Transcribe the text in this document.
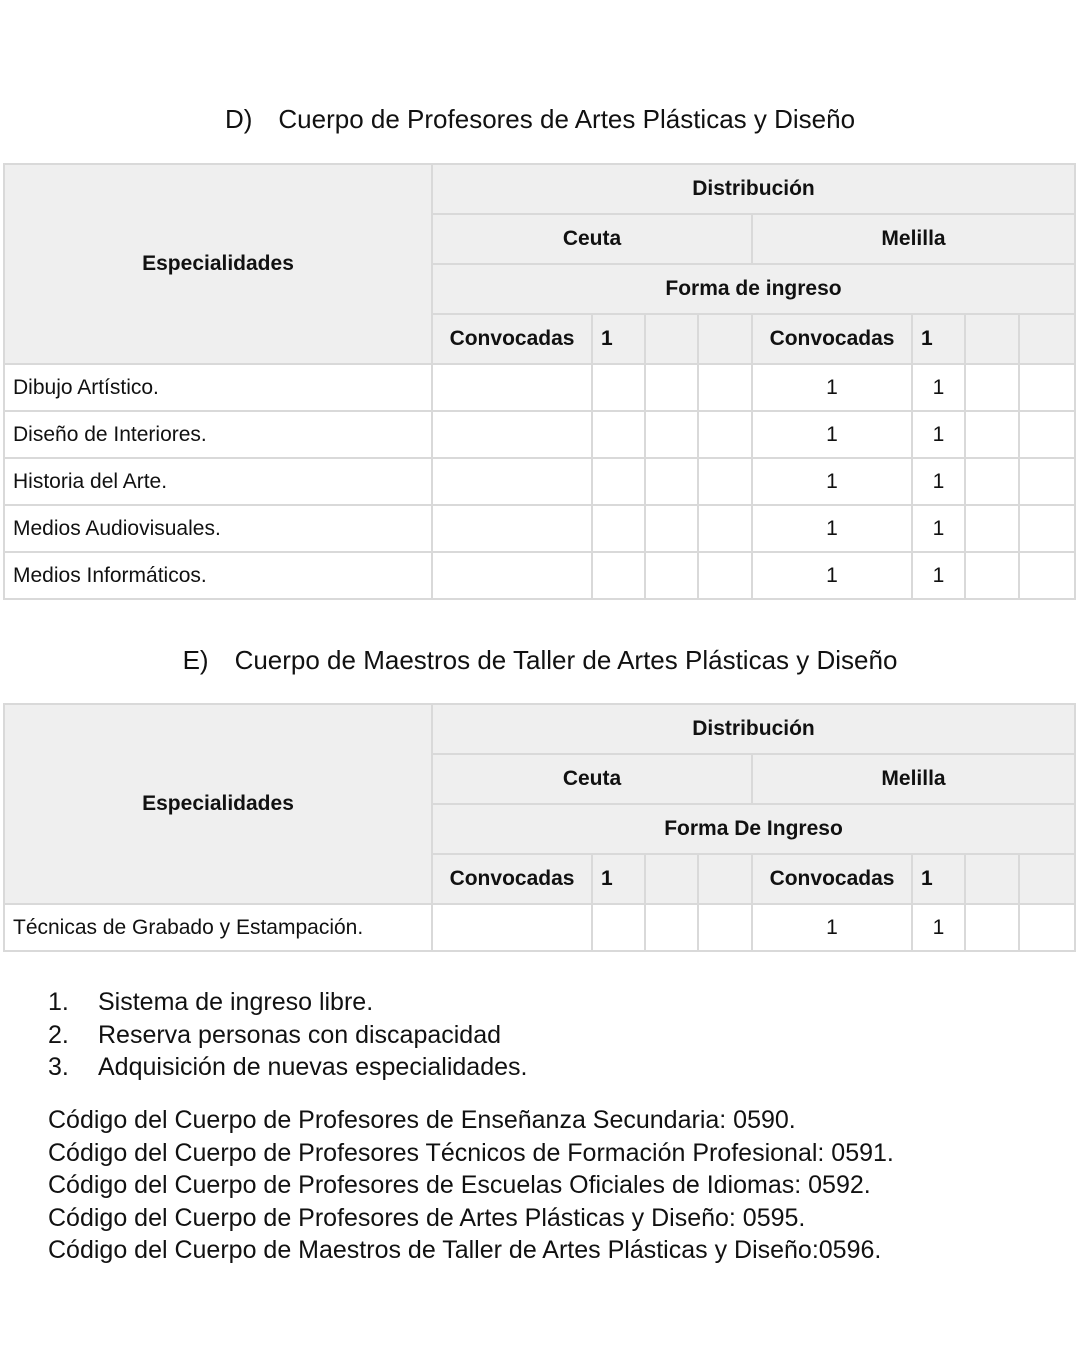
D) Cuerpo de Profesores de Artes Plásticas y Diseño
Especialidades	Distribución							
	Ceuta				Melilla			
	Forma de ingreso							
	Convocadas	1			Convocadas	1		
Dibujo Artístico.					1	1		
Diseño de Interiores.					1	1		
Historia del Arte.					1	1		
Medios Audiovisuales.					1	1		
Medios Informáticos.					1	1		
E) Cuerpo de Maestros de Taller de Artes Plásticas y Diseño
Especialidades	Distribución							
	Ceuta				Melilla			
	Forma De Ingreso							
	Convocadas	1			Convocadas	1		
Técnicas de Grabado y Estampación.					1	1		
1.	Sistema de ingreso libre.
2.	Reserva personas con discapacidad
3.	Adquisición de nuevas especialidades.
Código del Cuerpo de Profesores de Enseñanza Secundaria: 0590.
Código del Cuerpo de Profesores Técnicos de Formación Profesional: 0591.
Código del Cuerpo de Profesores de Escuelas Oficiales de Idiomas: 0592.
Código del Cuerpo de Profesores de Artes Plásticas y Diseño: 0595.
Código del Cuerpo de Maestros de Taller de Artes Plásticas y Diseño:0596.
